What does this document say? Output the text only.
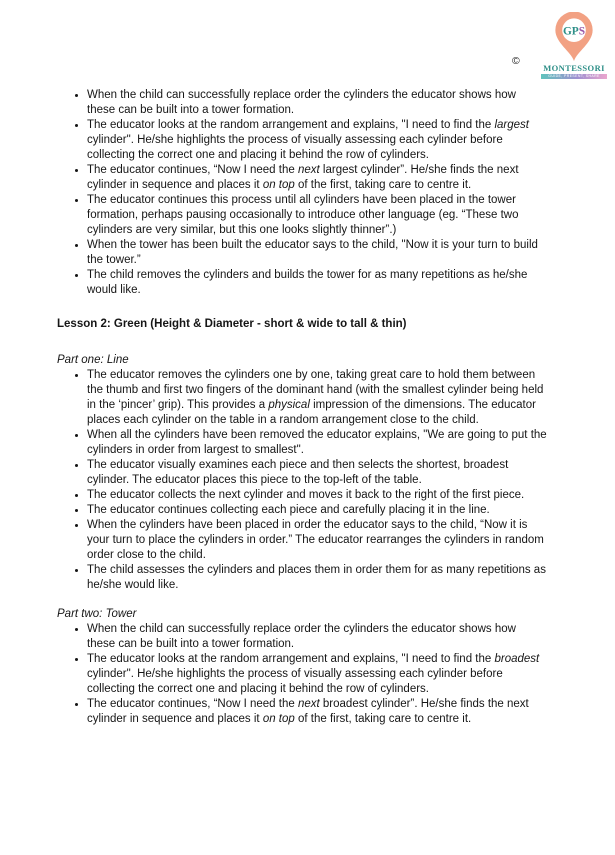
©
GPS
MONTESSORI
GUIDE, PRESENT, SHARE
• When the child can successfully replace order the cylinders the educator shows how these can be built into a tower formation.
• The educator looks at the random arrangement and explains, "I need to find the largest cylinder". He/she highlights the process of visually assessing each cylinder before collecting the correct one and placing it behind the row of cylinders.
• The educator continues, “Now I need the next largest cylinder”. He/she finds the next cylinder in sequence and places it on top of the first, taking care to centre it.
• The educator continues this process until all cylinders have been placed in the tower formation, perhaps pausing occasionally to introduce other language (eg. “These two cylinders are very similar, but this one looks slightly thinner”.)
• When the tower has been built the educator says to the child, "Now it is your turn to build the tower.”
• The child removes the cylinders and builds the tower for as many repetitions as he/she would like.
Lesson 2: Green (Height & Diameter - short & wide to tall & thin)
Part one: Line
• The educator removes the cylinders one by one, taking great care to hold them between the thumb and first two fingers of the dominant hand (with the smallest cylinder being held in the ‘pincer’ grip). This provides a physical impression of the dimensions. The educator places each cylinder on the table in a random arrangement close to the child.
• When all the cylinders have been removed the educator explains, "We are going to put the cylinders in order from largest to smallest".
• The educator visually examines each piece and then selects the shortest, broadest cylinder. The educator places this piece to the top-left of the table.
• The educator collects the next cylinder and moves it back to the right of the first piece.
• The educator continues collecting each piece and carefully placing it in the line.
• When the cylinders have been placed in order the educator says to the child, “Now it is your turn to place the cylinders in order.” The educator rearranges the cylinders in random order close to the child.
• The child assesses the cylinders and places them in order them for as many repetitions as he/she would like.
Part two: Tower
• When the child can successfully replace order the cylinders the educator shows how these can be built into a tower formation.
• The educator looks at the random arrangement and explains, "I need to find the broadest cylinder". He/she highlights the process of visually assessing each cylinder before collecting the correct one and placing it behind the row of cylinders.
• The educator continues, “Now I need the next broadest cylinder”. He/she finds the next cylinder in sequence and places it on top of the first, taking care to centre it.
